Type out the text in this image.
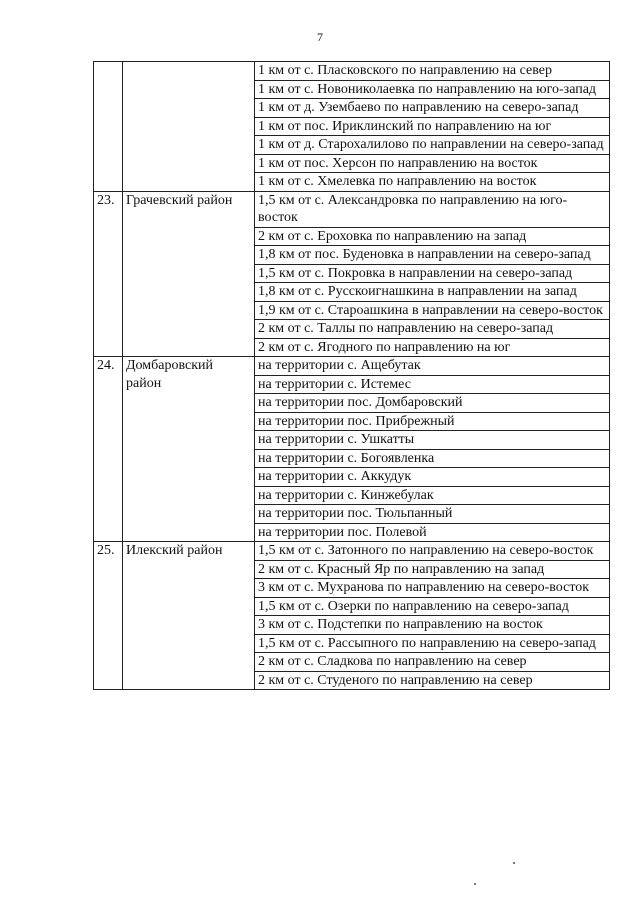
7
		1 км от с. Пласковского по направлению на север
		1 км от с. Новониколаевка по направлению на юго-запад
		1 км от д. Узембаево по направлению на северо-запад
		1 км от пос. Ириклинский по направлению на юг
		1 км от д. Старохалилово по направлении на северо-запад
		1 км от пос. Херсон по направлению на восток
		1 км от с. Хмелевка по направлению на восток
23.	Грачевский район	1,5 км от с. Александровка по направлению на юго-восток
		2 км от с. Ероховка по направлению на запад
		1,8 км от пос. Буденовка в направлении на северо-запад
		1,5 км от с. Покровка в направлении на северо-запад
		1,8 км от с. Русскоигнашкина в направлении на запад
		1,9 км от с. Староашкина в направлении на северо-восток
		2 км от с. Таллы по направлению на северо-запад
		2 км от с. Ягодного по направлению на юг
24.	Домбаровский район	на территории с. Ащебутак
		на территории с. Истемес
		на территории пос. Домбаровский
		на территории пос. Прибрежный
		на территории с. Ушкатты
		на территории с. Богоявленка
		на территории с. Аккудук
		на территории с. Кинжебулак
		на территории пос. Тюльпанный
		на территории пос. Полевой
25.	Илекский район	1,5 км от с. Затонного по направлению на северо-восток
		2 км от с. Красный Яр по направлению на запад
		3 км от с. Мухранова по направлению на северо-восток
		1,5 км от с. Озерки по направлению на северо-запад
		3 км от с. Подстепки по направлению на восток
		1,5 км от с. Рассыпного по направлению на северо-запад
		2 км от с. Сладкова по направлению на север
		2 км от с. Студеного по направлению на север
